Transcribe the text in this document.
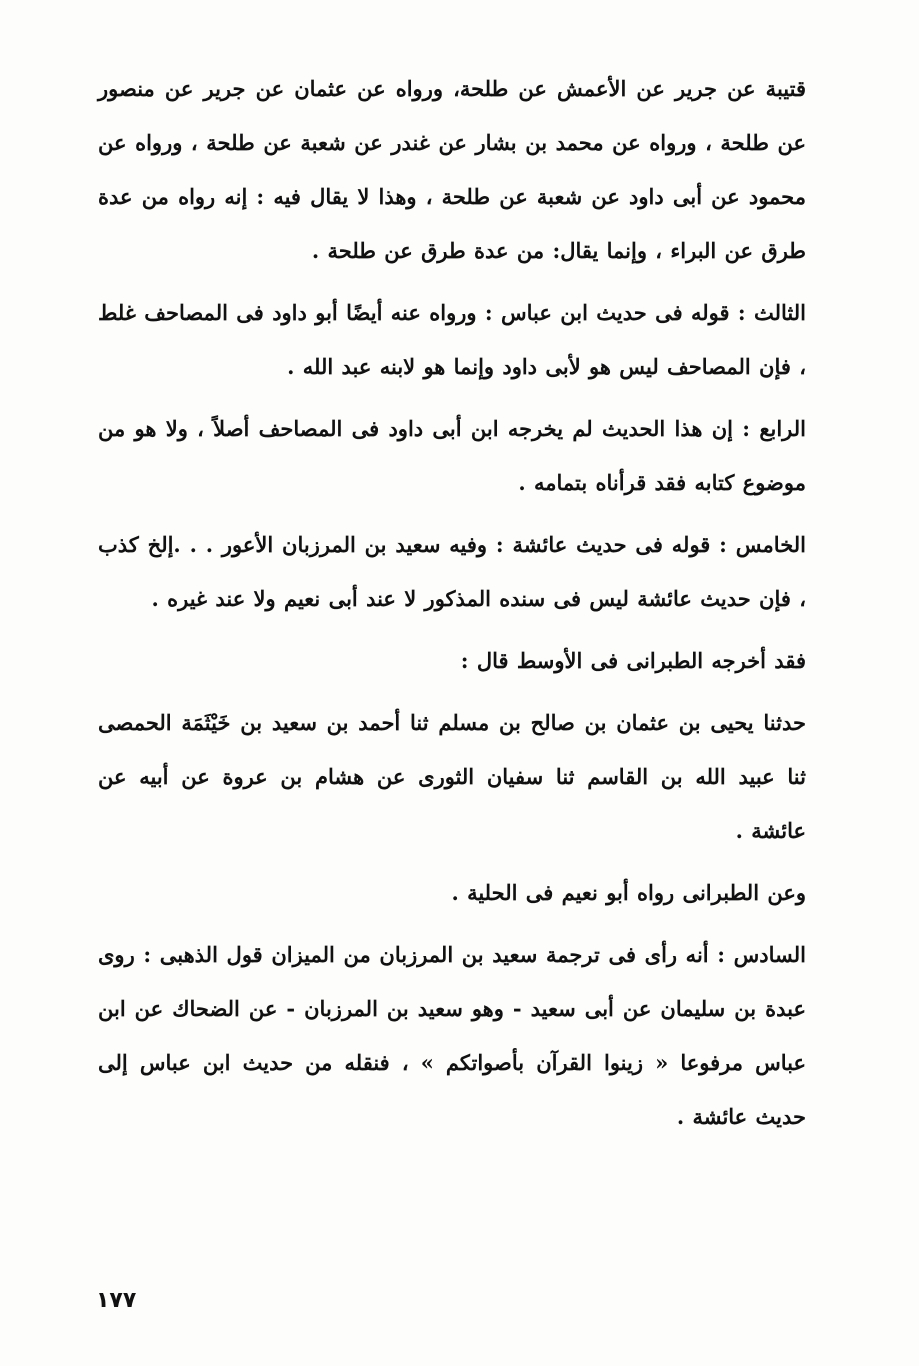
قتيبة عن جرير عن الأعمش عن طلحة، ورواه عن عثمان عن جرير عن منصور عن طلحة ، ورواه عن محمد بن بشار عن غندر عن شعبة عن طلحة ، ورواه عن محمود عن أبى داود عن شعبة عن طلحة ، وهذا لا يقال فيه : إنه رواه من عدة طرق عن البراء ، وإنما يقال: من عدة طرق عن طلحة .

الثالث : قوله فى حديث ابن عباس : ورواه عنه أيضًا أبو داود فى المصاحف غلط ، فإن المصاحف ليس هو لأبى داود وإنما هو لابنه عبد الله .

الرابع : إن هذا الحديث لم يخرجه ابن أبى داود فى المصاحف أصلاً ، ولا هو من موضوع كتابه فقد قرأناه بتمامه .

الخامس : قوله فى حديث عائشة : وفيه سعيد بن المرزبان الأعور . . .إلخ كذب ، فإن حديث عائشة ليس فى سنده المذكور لا عند أبى نعيم ولا عند غيره .

فقد أخرجه الطبرانى فى الأوسط قال :

حدثنا يحيى بن عثمان بن صالح بن مسلم ثنا أحمد بن سعيد بن خَيْثَمَة الحمصى ثنا عبيد الله بن القاسم ثنا سفيان الثورى عن هشام بن عروة عن أبيه عن عائشة .

وعن الطبرانى رواه أبو نعيم فى الحلية .

السادس : أنه رأى فى ترجمة سعيد بن المرزبان من الميزان قول الذهبى : روى عبدة بن سليمان عن أبى سعيد - وهو سعيد بن المرزبان - عن الضحاك عن ابن عباس مرفوعا « زينوا القرآن بأصواتكم » ، فنقله من حديث ابن عباس إلى حديث عائشة .

١٧٧
